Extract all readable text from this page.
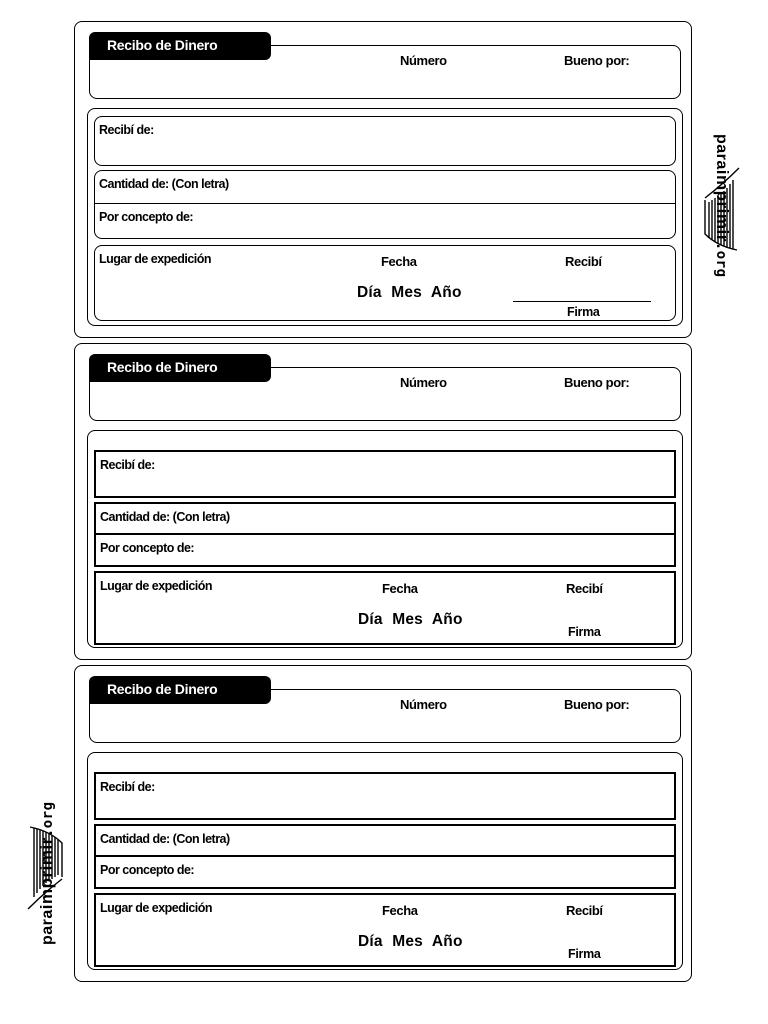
Recibo de Dinero
Número	Bueno por:
Recibí de:
Cantidad de: (Con letra)
Por concepto de:
Lugar de expedición	Fecha	Recibí
Día Mes Año
Firma
Recibo de Dinero
Número	Bueno por:
Recibí de:
Cantidad de: (Con letra)
Por concepto de:
Lugar de expedición	Fecha	Recibí
Día Mes Año
Firma
Recibo de Dinero
Número	Bueno por:
Recibí de:
Cantidad de: (Con letra)
Por concepto de:
Lugar de expedición	Fecha	Recibí
Día Mes Año
Firma
paraimprimir.org
paraimprimir.org
